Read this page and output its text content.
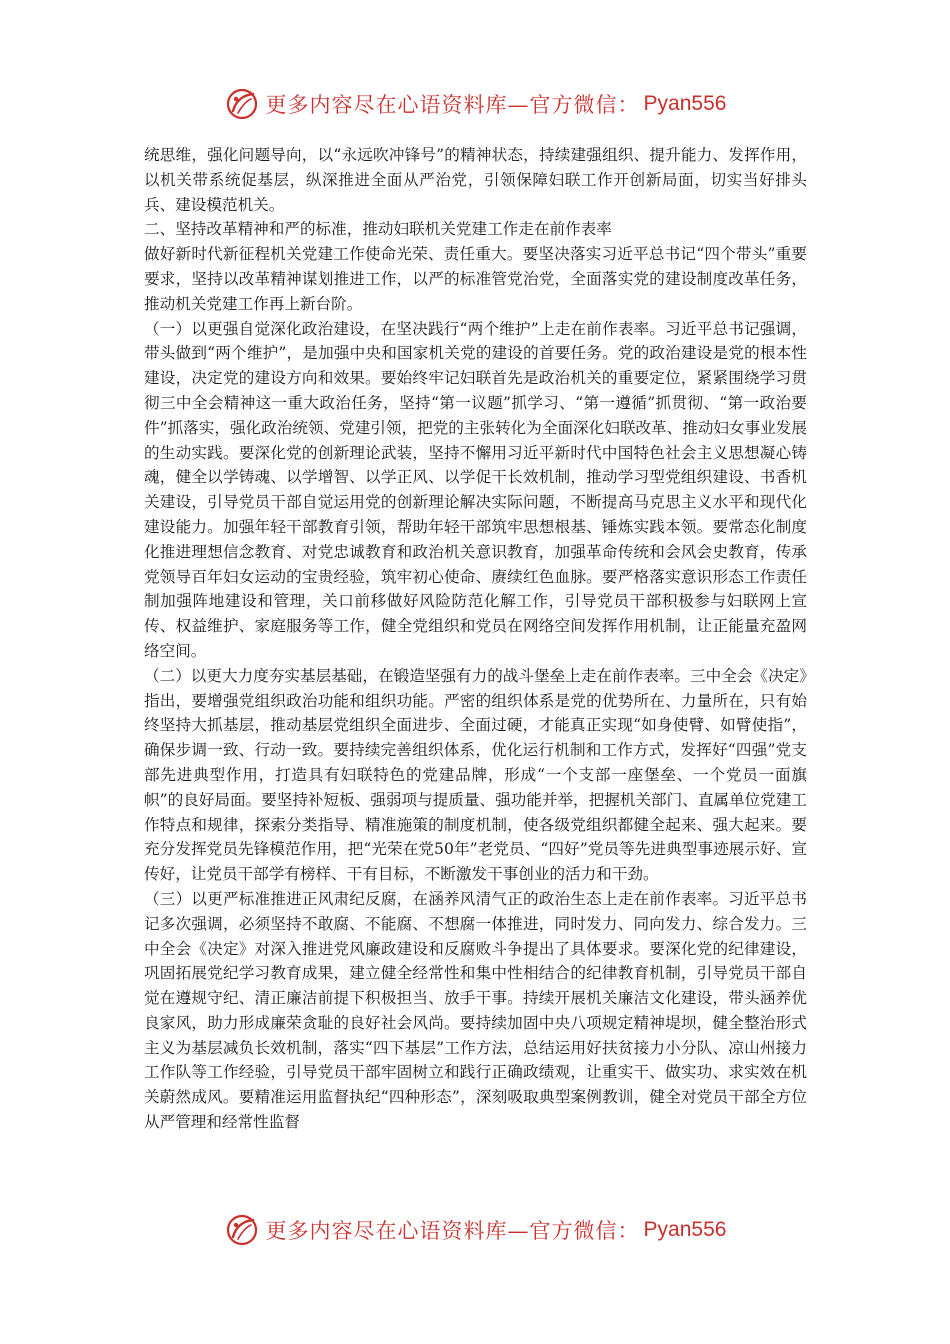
更多内容尽在心语资料库—官方微信： Pyan556

统思维，强化问题导向，以“永远吹冲锋号”的精神状态，持续建强组织、提升能力、发挥作用，以机关带系统促基层，纵深推进全面从严治党，引领保障妇联工作开创新局面，切实当好排头兵、建设模范机关。

二、坚持改革精神和严的标准，推动妇联机关党建工作走在前作表率

做好新时代新征程机关党建工作使命光荣、责任重大。要坚决落实习近平总书记“四个带头”重要要求，坚持以改革精神谋划推进工作，以严的标准管党治党，全面落实党的建设制度改革任务，推动机关党建工作再上新台阶。

（一）以更强自觉深化政治建设，在坚决践行“两个维护”上走在前作表率。习近平总书记强调，带头做到“两个维护”，是加强中央和国家机关党的建设的首要任务。党的政治建设是党的根本性建设，决定党的建设方向和效果。要始终牢记妇联首先是政治机关的重要定位，紧紧围绕学习贯彻三中全会精神这一重大政治任务，坚持“第一议题”抓学习、“第一遵循”抓贯彻、“第一政治要件”抓落实，强化政治统领、党建引领，把党的主张转化为全面深化妇联改革、推动妇女事业发展的生动实践。要深化党的创新理论武装，坚持不懈用习近平新时代中国特色社会主义思想凝心铸魂，健全以学铸魂、以学增智、以学正风、以学促干长效机制，推动学习型党组织建设、书香机关建设，引导党员干部自觉运用党的创新理论解决实际问题，不断提高马克思主义水平和现代化建设能力。加强年轻干部教育引领，帮助年轻干部筑牢思想根基、锤炼实践本领。要常态化制度化推进理想信念教育、对党忠诚教育和政治机关意识教育，加强革命传统和会风会史教育，传承党领导百年妇女运动的宝贵经验，筑牢初心使命、赓续红色血脉。要严格落实意识形态工作责任制加强阵地建设和管理，关口前移做好风险防范化解工作，引导党员干部积极参与妇联网上宣传、权益维护、家庭服务等工作，健全党组织和党员在网络空间发挥作用机制，让正能量充盈网络空间。

（二）以更大力度夯实基层基础，在锻造坚强有力的战斗堡垒上走在前作表率。三中全会《决定》指出，要增强党组织政治功能和组织功能。严密的组织体系是党的优势所在、力量所在，只有始终坚持大抓基层，推动基层党组织全面进步、全面过硬，才能真正实现“如身使臂、如臂使指”，确保步调一致、行动一致。要持续完善组织体系，优化运行机制和工作方式，发挥好“四强”党支部先进典型作用，打造具有妇联特色的党建品牌，形成“一个支部一座堡垒、一个党员一面旗帜”的良好局面。要坚持补短板、强弱项与提质量、强功能并举，把握机关部门、直属单位党建工作特点和规律，探索分类指导、精准施策的制度机制，使各级党组织都健全起来、强大起来。要充分发挥党员先锋模范作用，把“光荣在党50年”老党员、“四好”党员等先进典型事迹展示好、宣传好，让党员干部学有榜样、干有目标，不断激发干事创业的活力和干劲。

（三）以更严标准推进正风肃纪反腐，在涵养风清气正的政治生态上走在前作表率。习近平总书记多次强调，必须坚持不敢腐、不能腐、不想腐一体推进，同时发力、同向发力、综合发力。三中全会《决定》对深入推进党风廉政建设和反腐败斗争提出了具体要求。要深化党的纪律建设，巩固拓展党纪学习教育成果，建立健全经常性和集中性相结合的纪律教育机制，引导党员干部自觉在遵规守纪、清正廉洁前提下积极担当、放手干事。持续开展机关廉洁文化建设，带头涵养优良家风，助力形成廉荣贪耻的良好社会风尚。要持续加固中央八项规定精神堤坝，健全整治形式主义为基层减负长效机制，落实“四下基层”工作方法，总结运用好扶贫接力小分队、凉山州接力工作队等工作经验，引导党员干部牢固树立和践行正确政绩观，让重实干、做实功、求实效在机关蔚然成风。要精准运用监督执纪“四种形态”，深刻吸取典型案例教训，健全对党员干部全方位从严管理和经常性监督

更多内容尽在心语资料库—官方微信： Pyan556
